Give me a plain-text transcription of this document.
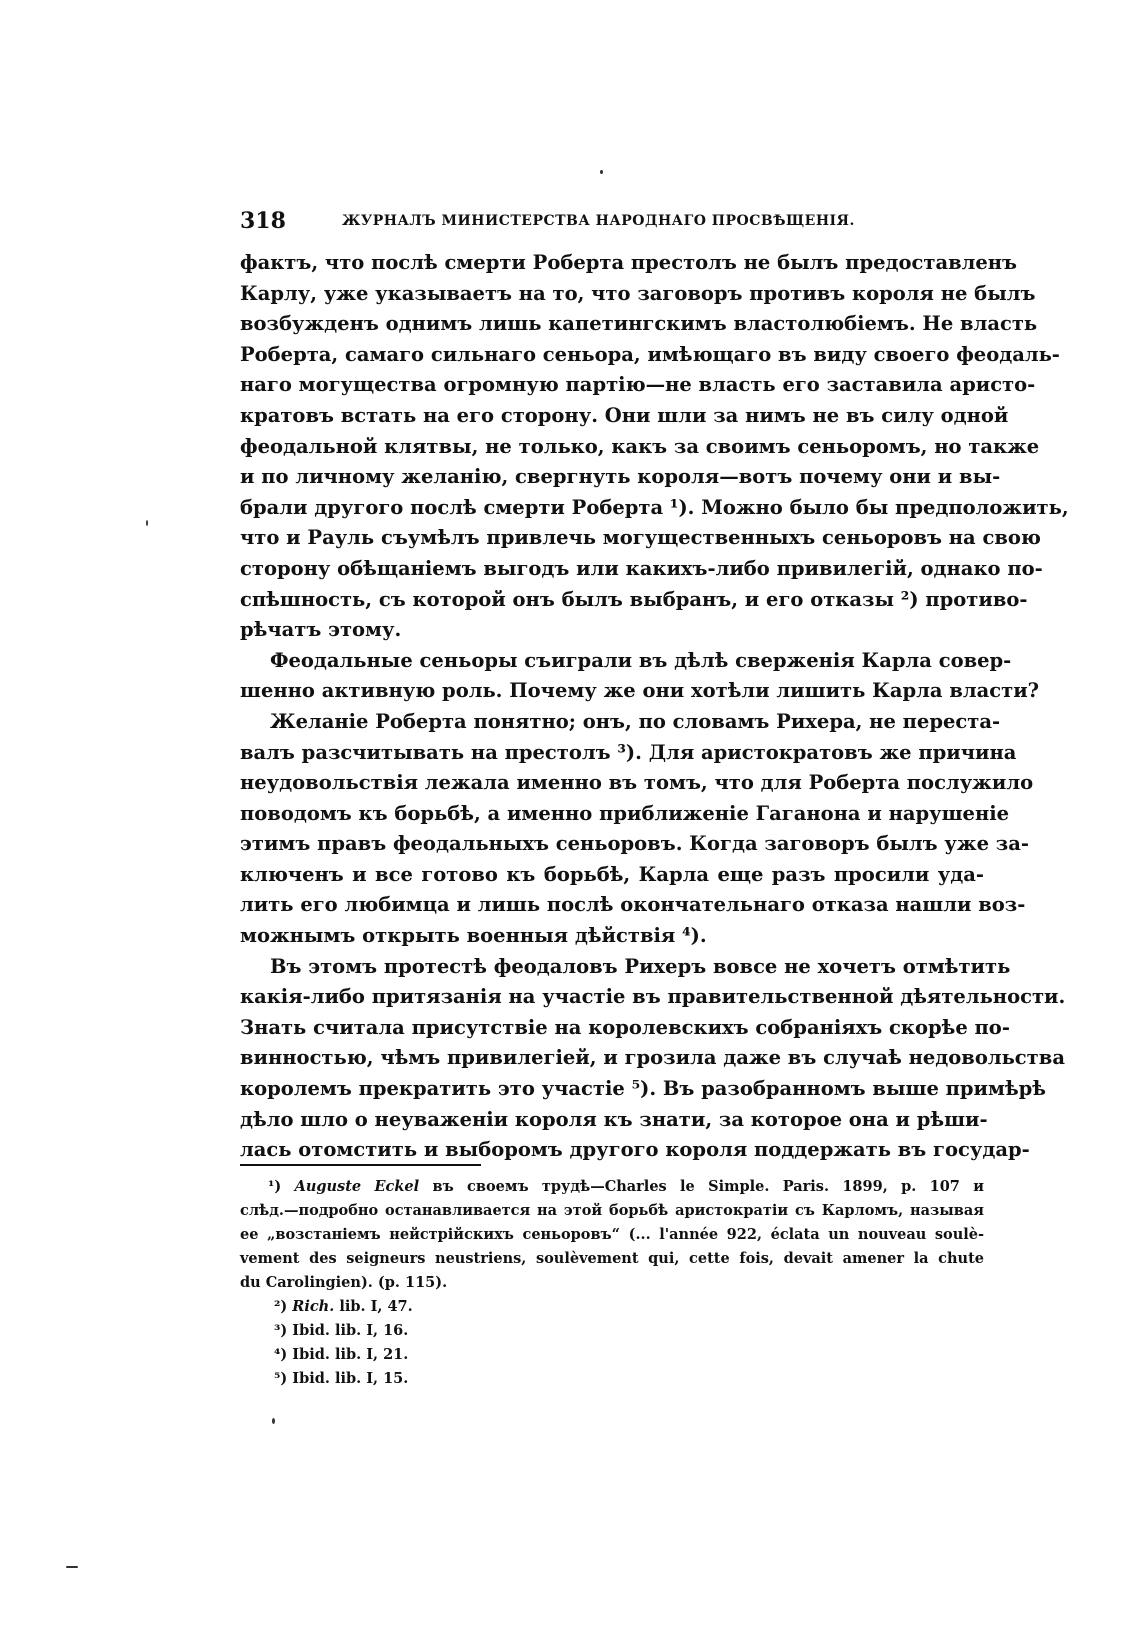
318	ЖУРНАЛЪ МИНИСТЕРСТВА НАРОДНАГО ПРОСВѢЩЕНІЯ.
фактъ, что послѣ смерти Роберта престолъ не былъ предоставленъ
Карлу, уже указываетъ на то, что заговоръ противъ короля не былъ
возбужденъ однимъ лишь капетингскимъ властолюбіемъ. Не власть
Роберта, самаго сильнаго сеньора, имѣющаго въ виду своего феодаль-
наго могущества огромную партію—не власть его заставила аристо-
кратовъ встать на его сторону. Они шли за нимъ не въ силу одной
феодальной клятвы, не только, какъ за своимъ сеньоромъ, но также
и по личному желанію, свергнуть короля—вотъ почему они и вы-
брали другого послѣ смерти Роберта ¹). Можно было бы предположить,
что и Рауль съумѣлъ привлечь могущественныхъ сеньоровъ на свою
сторону обѣщаніемъ выгодъ или какихъ-либо привилегій, однако по-
спѣшность, съ которой онъ былъ выбранъ, и его отказы ²) противо-
рѣчатъ этому.
Феодальные сеньоры съиграли въ дѣлѣ сверженія Карла совер-
шенно активную роль. Почему же они хотѣли лишить Карла власти?
Желаніе Роберта понятно; онъ, по словамъ Рихера, не переста-
валъ разсчитывать на престолъ ³). Для аристократовъ же причина
неудовольствія лежала именно въ томъ, что для Роберта послужило
поводомъ къ борьбѣ, а именно приближеніе Гаганона и нарушеніе
этимъ правъ феодальныхъ сеньоровъ. Когда заговоръ былъ уже за-
ключенъ и все готово къ борьбѣ, Карла еще разъ просили уда-
лить его любимца и лишь послѣ окончательнаго отказа нашли воз-
можнымъ открыть военныя дѣйствія ⁴).
Въ этомъ протестѣ феодаловъ Рихеръ вовсе не хочетъ отмѣтить
какія-либо притязанія на участіе въ правительственной дѣятельности.
Знать считала присутствіе на королевскихъ собраніяхъ скорѣе по-
винностью, чѣмъ привилегіей, и грозила даже въ случаѣ недовольства
королемъ прекратить это участіе ⁵). Въ разобранномъ выше примѣрѣ
дѣло шло о неуваженіи короля къ знати, за которое она и рѣши-
лась отомстить и выборомъ другого короля поддержать въ государ-
¹) Auguste Eckel въ своемъ трудѣ—Charles le Simple. Paris. 1899, p. 107 и
слѣд.—подробно останавливается на этой борьбѣ аристократіи съ Карломъ, называя
ее „возстаніемъ нейстрійскихъ сеньоровъ“ (... l'année 922, éclata un nouveau soulè-
vement des seigneurs neustriens, soulèvement qui, cette fois, devait amener la chute
du Carolingien). (p. 115).
²) Rich. lib. I, 47.
³) Ibid. lib. I, 16.
⁴) Ibid. lib. I, 21.
⁵) Ibid. lib. I, 15.
